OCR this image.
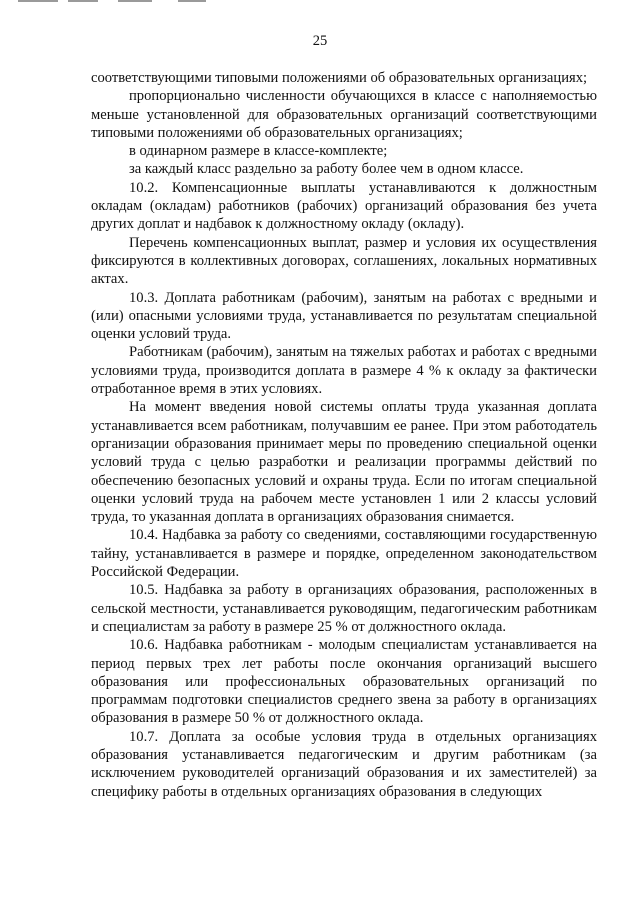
25

соответствующими типовыми положениями об образовательных организациях;

пропорционально численности обучающихся в классе с наполняемостью меньше установленной для образовательных организаций соответствующими типовыми положениями об образовательных организациях;

в одинарном размере в классе-комплекте;

за каждый класс раздельно за работу более чем в одном классе.

10.2. Компенсационные выплаты устанавливаются к должностным окладам (окладам) работников (рабочих) организаций образования без учета других доплат и надбавок к должностному окладу (окладу).

Перечень компенсационных выплат, размер и условия их осуществления фиксируются в коллективных договорах, соглашениях, локальных нормативных актах.

10.3. Доплата работникам (рабочим), занятым на работах с вредными и (или) опасными условиями труда, устанавливается по результатам специальной оценки условий труда.

Работникам (рабочим), занятым на тяжелых работах и работах с вредными условиями труда, производится доплата в размере 4 % к окладу за фактически отработанное время в этих условиях.

На момент введения новой системы оплаты труда указанная доплата устанавливается всем работникам, получавшим ее ранее. При этом работодатель организации образования принимает меры по проведению специальной оценки условий труда с целью разработки и реализации программы действий по обеспечению безопасных условий и охраны труда. Если по итогам специальной оценки условий труда на рабочем месте установлен 1 или 2 классы условий труда, то указанная доплата в организациях образования снимается.

10.4. Надбавка за работу со сведениями, составляющими государственную тайну, устанавливается в размере и порядке, определенном законодательством Российской Федерации.

10.5. Надбавка за работу в организациях образования, расположенных в сельской местности, устанавливается руководящим, педагогическим работникам и специалистам за работу в размере 25 % от должностного оклада.

10.6. Надбавка работникам - молодым специалистам устанавливается на период первых трех лет работы после окончания организаций высшего образования или профессиональных образовательных организаций по программам подготовки специалистов среднего звена за работу в организациях образования в размере 50 % от должностного оклада.

10.7. Доплата за особые условия труда в отдельных организациях образования устанавливается педагогическим и другим работникам (за исключением руководителей организаций образования и их заместителей) за специфику работы в отдельных организациях образования в следующих
